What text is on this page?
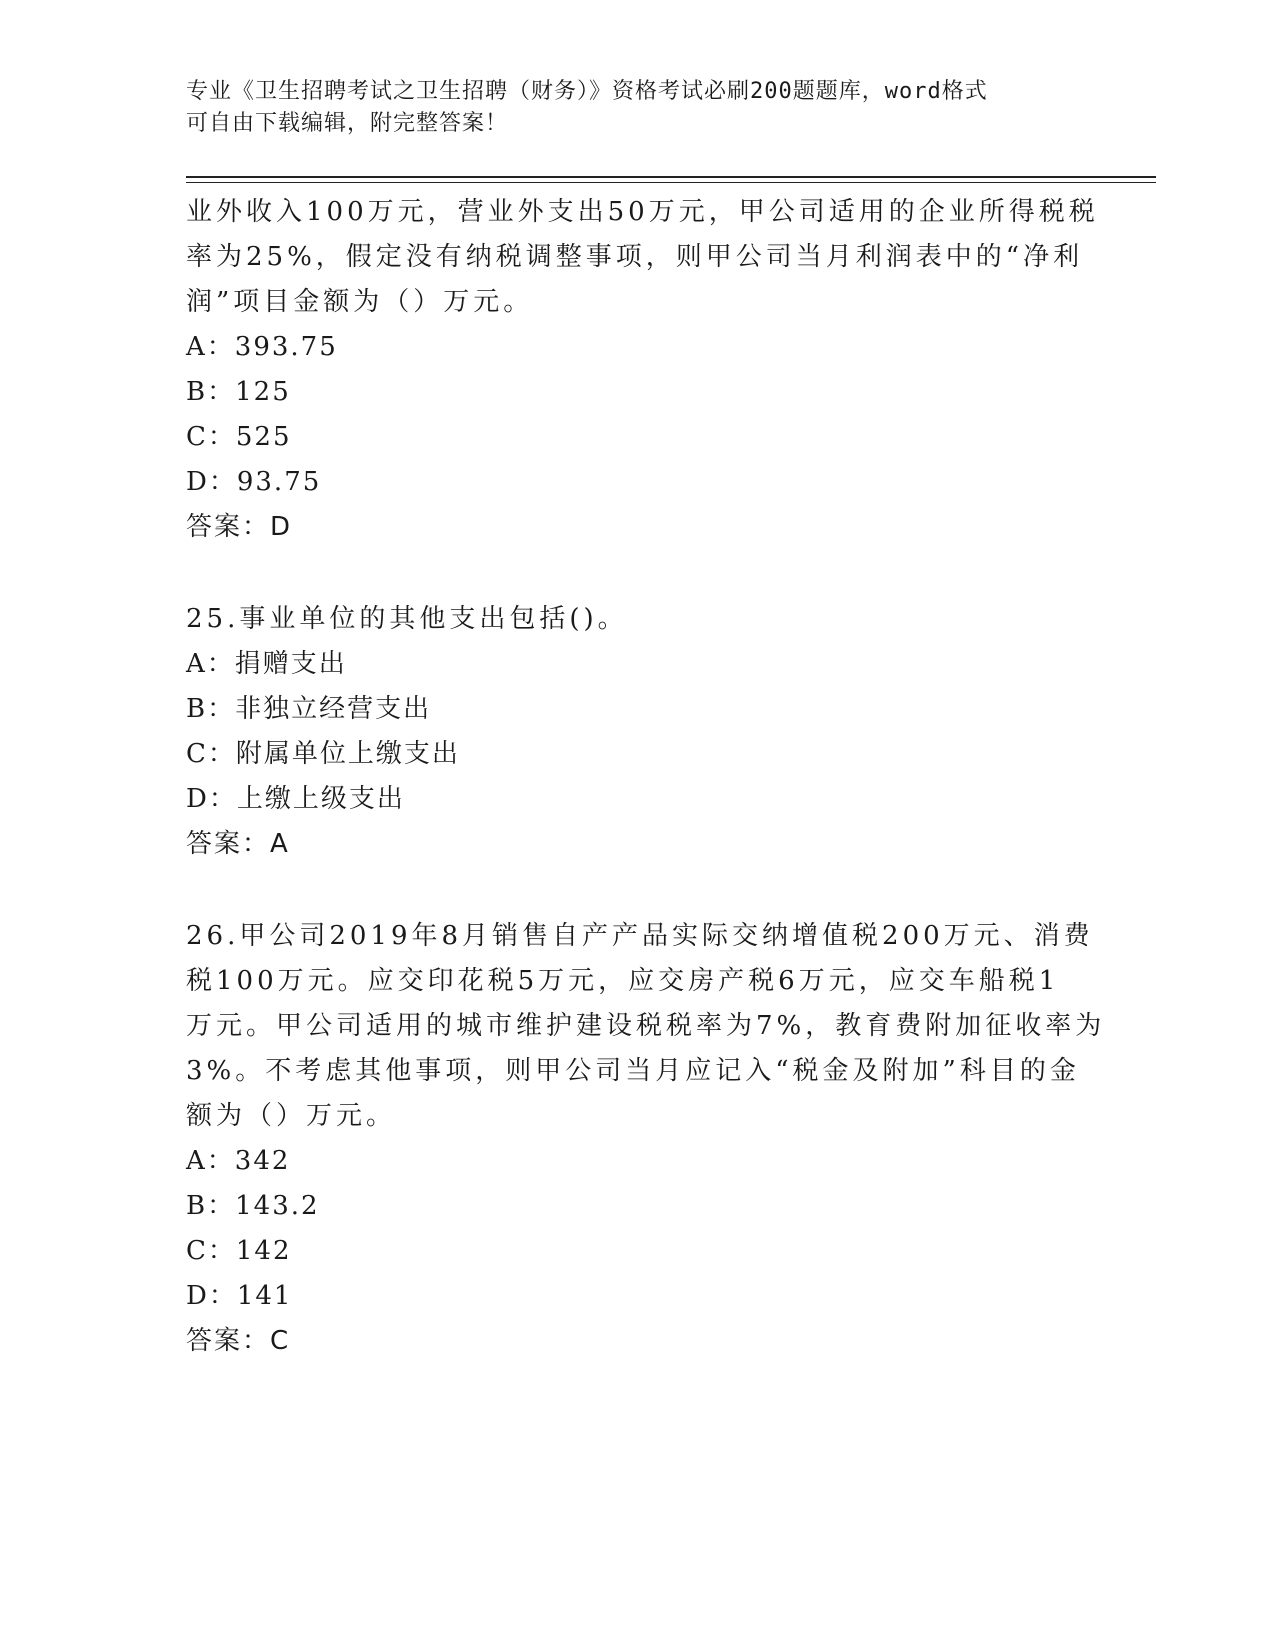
专业《卫生招聘考试之卫生招聘（财务）》资格考试必刷200题题库，word格式
可自由下载编辑，附完整答案！
业外收入100万元，营业外支出50万元，甲公司适用的企业所得税税
率为25%，假定没有纳税调整事项，则甲公司当月利润表中的“净利
润”项目金额为（）万元。
A：393.75
B：125
C：525
D：93.75
答案：D
25.事业单位的其他支出包括()。
A：捐赠支出
B：非独立经营支出
C：附属单位上缴支出
D：上缴上级支出
答案：A
26.甲公司2019年8月销售自产产品实际交纳增值税200万元、消费
税100万元。应交印花税5万元，应交房产税6万元，应交车船税1
万元。甲公司适用的城市维护建设税税率为7%，教育费附加征收率为
3%。不考虑其他事项，则甲公司当月应记入“税金及附加”科目的金
额为（）万元。
A：342
B：143.2
C：142
D：141
答案：C
